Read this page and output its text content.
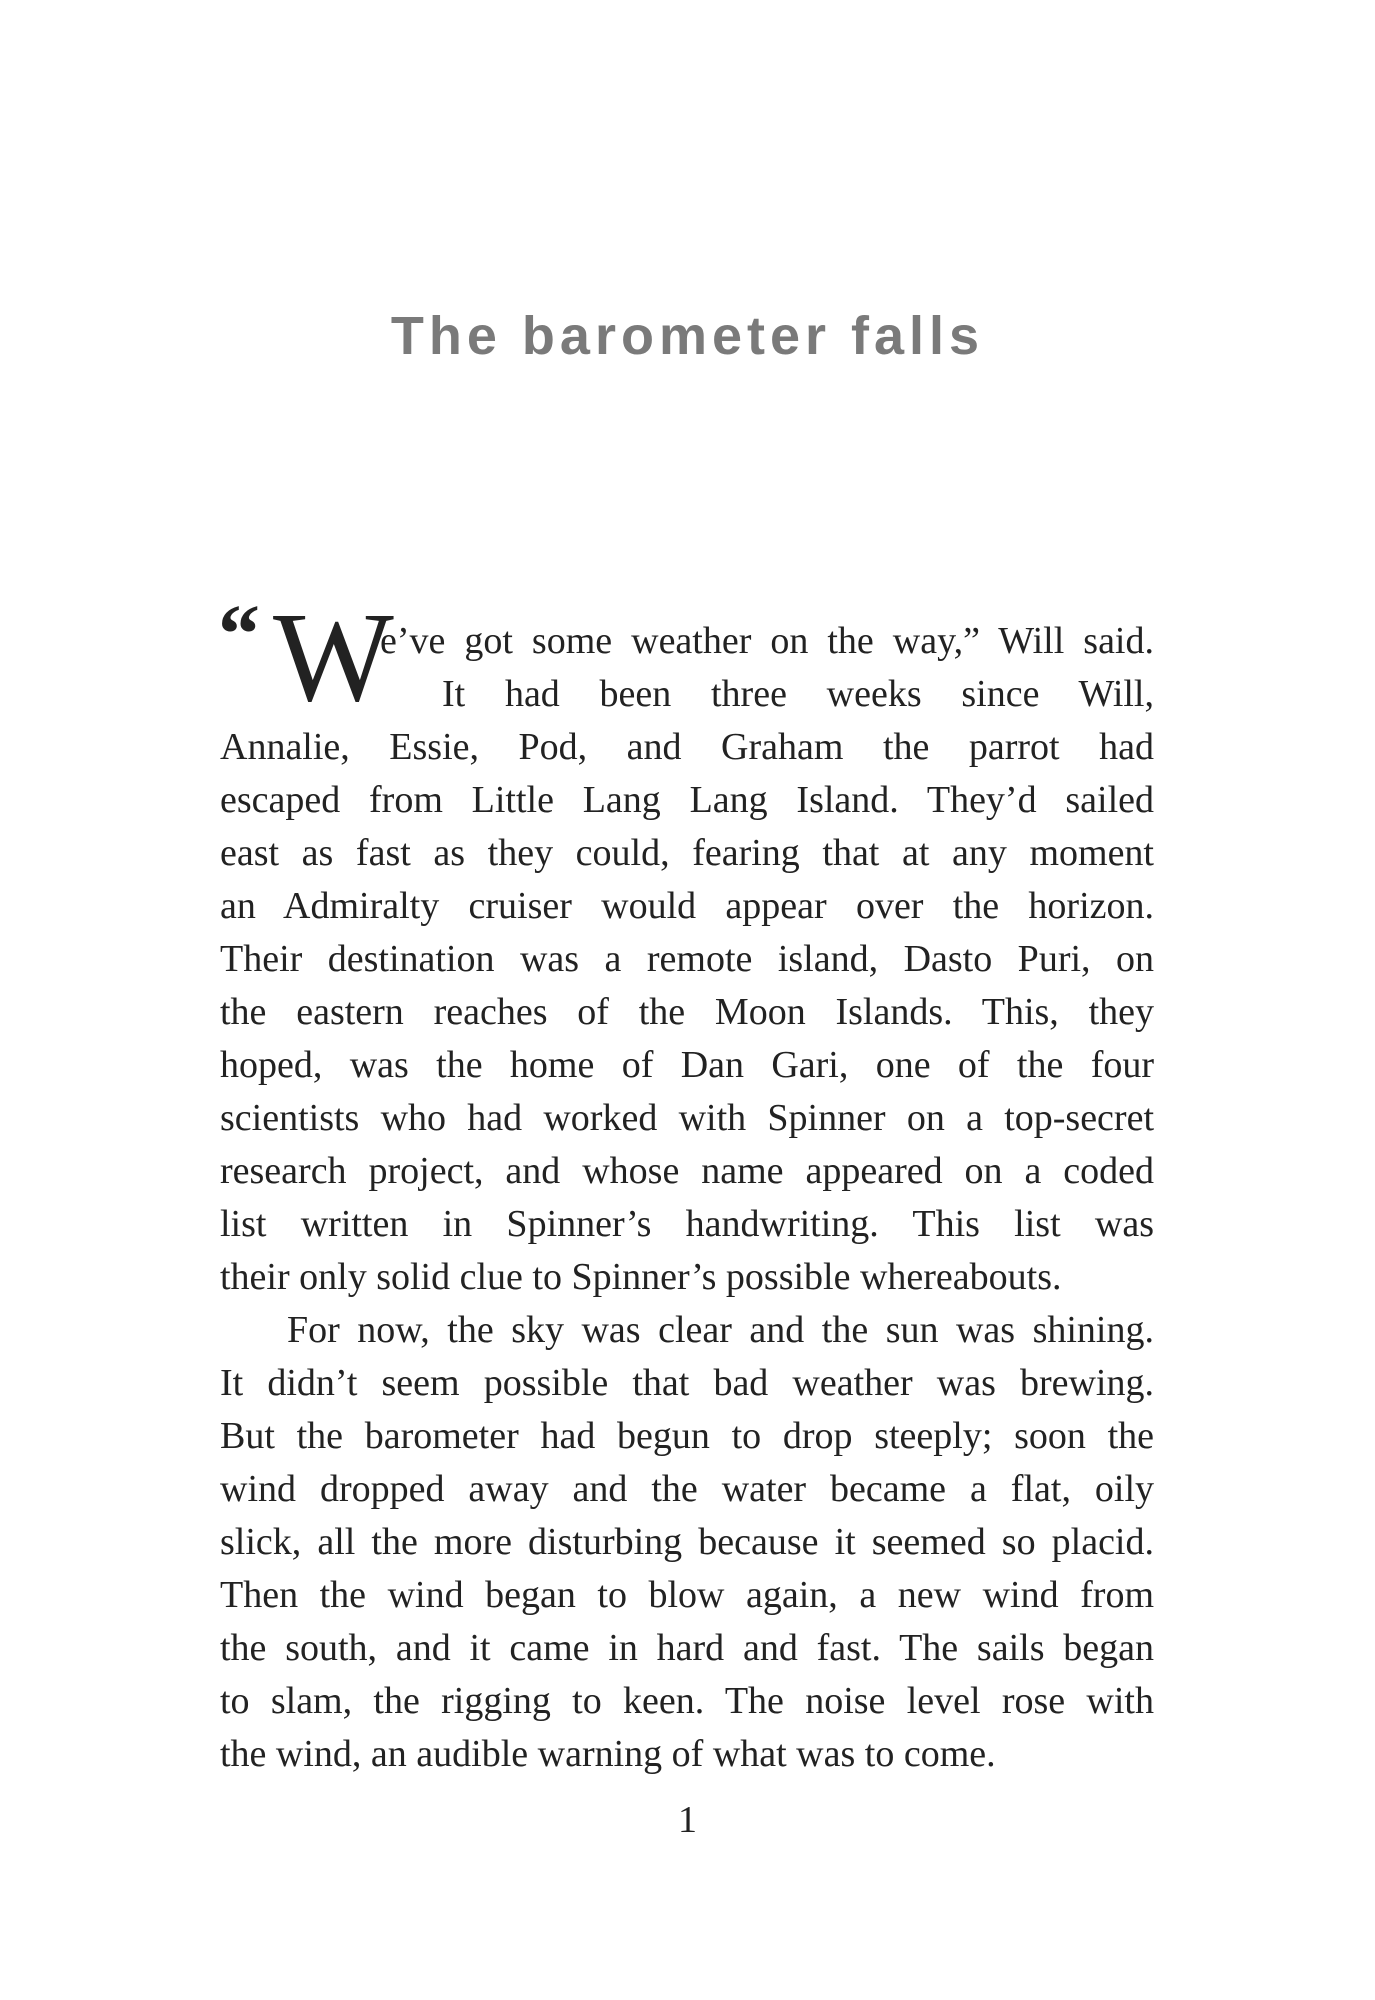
The barometer falls
“ W
e’ve got some weather on the way,” Will said.
It had been three weeks since Will,
Annalie, Essie, Pod, and Graham the parrot had
escaped from Little Lang Lang Island. They’d sailed
east as fast as they could, fearing that at any moment
an Admiralty cruiser would appear over the horizon.
Their destination was a remote island, Dasto Puri, on
the eastern reaches of the Moon Islands. This, they
hoped, was the home of Dan Gari, one of the four
scientists who had worked with Spinner on a top-secret
research project, and whose name appeared on a coded
list written in Spinner’s handwriting. This list was
their only solid clue to Spinner’s possible whereabouts.
For now, the sky was clear and the sun was shining.
It didn’t seem possible that bad weather was brewing.
But the barometer had begun to drop steeply; soon the
wind dropped away and the water became a flat, oily
slick, all the more disturbing because it seemed so placid.
Then the wind began to blow again, a new wind from
the south, and it came in hard and fast. The sails began
to slam, the rigging to keen. The noise level rose with
the wind, an audible warning of what was to come.
1
